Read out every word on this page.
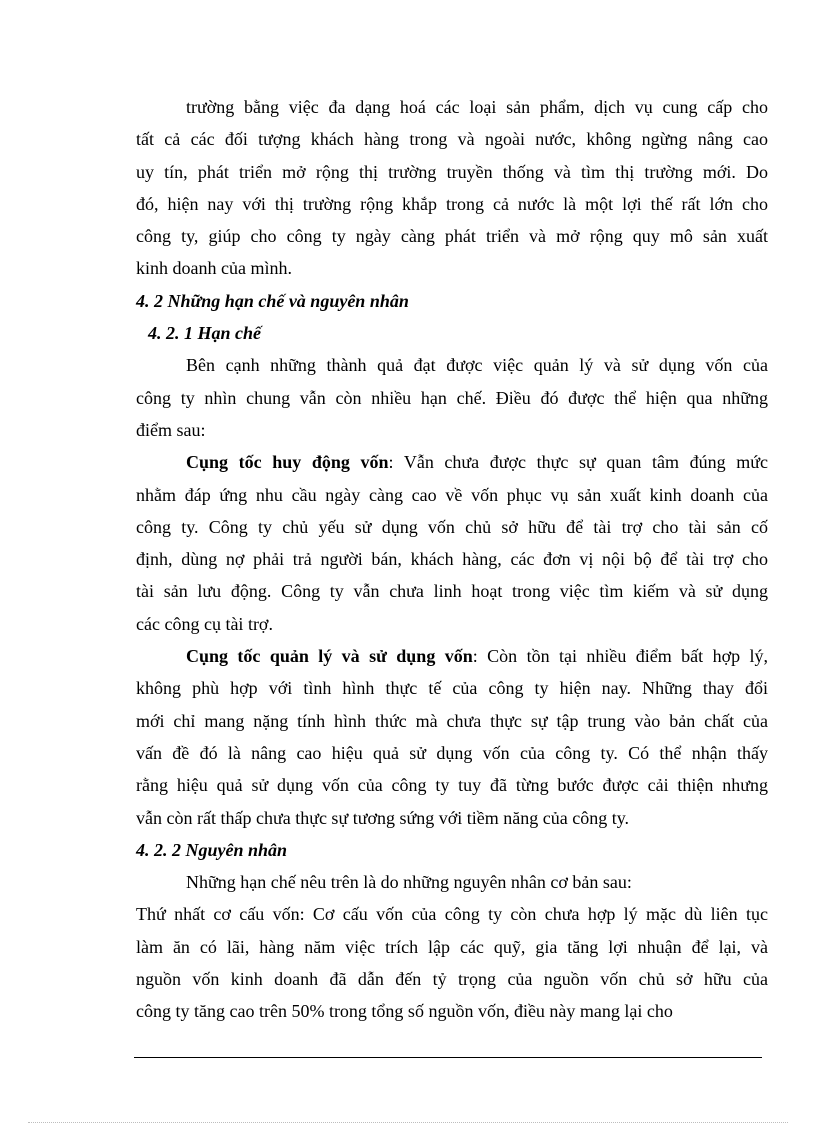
trường bằng việc đa dạng hoá các loại sản phẩm, dịch vụ cung cấp cho
tất cả các đối tượng khách hàng trong và ngoài nước, không ngừng nâng cao
uy tín, phát triển mở rộng thị trường truyền thống và tìm thị trường mới. Do
đó, hiện nay với thị trường rộng khắp trong cả nước là một lợi thế rất lớn cho
công ty, giúp cho công ty ngày càng phát triển và mở rộng quy mô sản xuất
kinh doanh của mình.
4. 2 Những hạn chế và nguyên nhân
4. 2. 1 Hạn chế
Bên cạnh những thành quả đạt được việc quản lý và sử dụng vốn của
công ty nhìn chung vẫn còn nhiều hạn chế. Điều đó được thể hiện qua những
điểm sau:
Cụng tốc huy động vốn: Vẫn chưa được thực sự quan tâm đúng mức
nhằm đáp ứng nhu cầu ngày càng cao về vốn phục vụ sản xuất kinh doanh của
công ty. Công ty chủ yếu sử dụng vốn chủ sở hữu để tài trợ cho tài sản cố
định, dùng nợ phải trả người bán, khách hàng, các đơn vị nội bộ để tài trợ cho
tài sản lưu động. Công ty vẫn chưa linh hoạt trong việc tìm kiếm và sử dụng
các công cụ tài trợ.
Cụng tốc quản lý và sử dụng vốn: Còn tồn tại nhiều điểm bất hợp lý,
không phù hợp với tình hình thực tế của công ty hiện nay. Những thay đổi
mới chỉ mang nặng tính hình thức mà chưa thực sự tập trung vào bản chất của
vấn đề đó là nâng cao hiệu quả sử dụng vốn của công ty. Có thể nhận thấy
rằng hiệu quả sử dụng vốn của công ty tuy đã từng bước được cải thiện nhưng
vẫn còn rất thấp chưa thực sự tương sứng với tiềm năng của công ty.
4. 2. 2 Nguyên nhân
Những hạn chế nêu trên là do những nguyên nhân cơ bản sau:
Thứ nhất cơ cấu vốn: Cơ cấu vốn của công ty còn chưa hợp lý mặc dù liên tục
làm ăn có lãi, hàng năm việc trích lập các quỹ, gia tăng lợi nhuận để lại, và
nguồn vốn kinh doanh đã dẫn đến tỷ trọng của nguồn vốn chủ sở hữu của
công ty tăng cao trên 50% trong tổng số nguồn vốn, điều này mang lại cho
